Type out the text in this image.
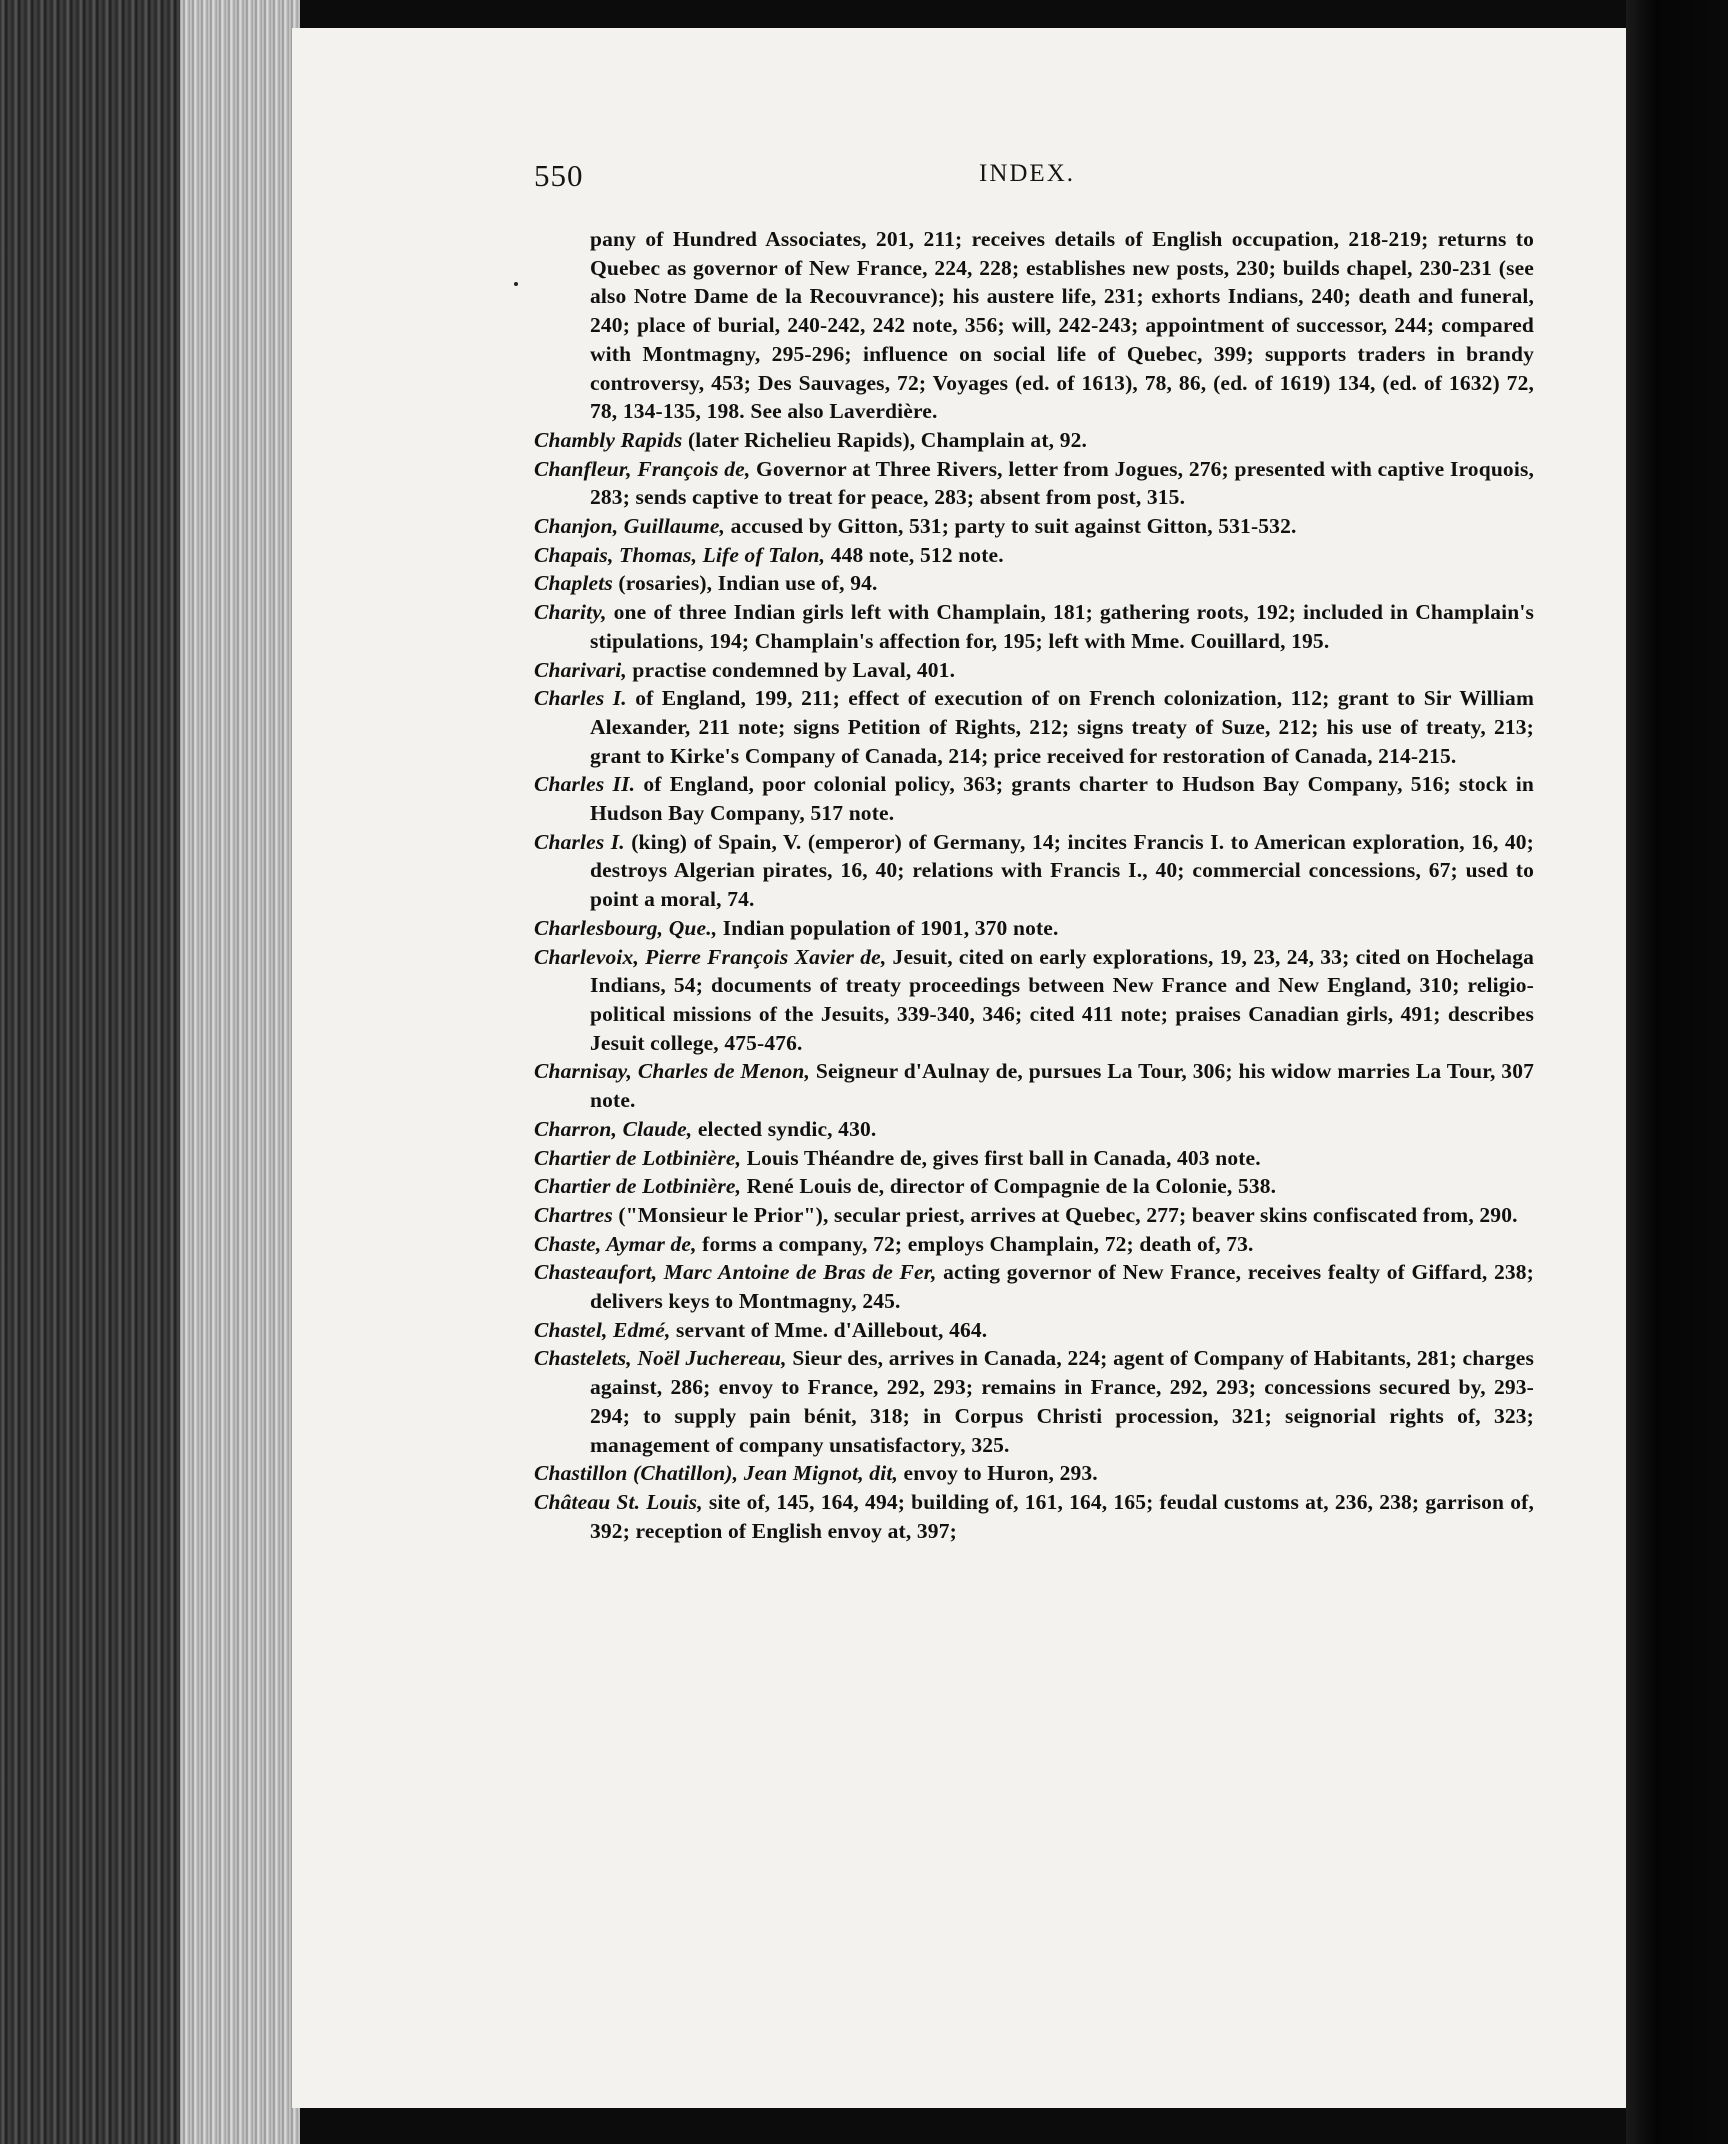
550	INDEX.

pany of Hundred Associates, 201, 211; receives details of English occupation, 218-219; returns to Quebec as governor of New France, 224, 228; establishes new posts, 230; builds chapel, 230-231 (see also Notre Dame de la Recouvrance); his austere life, 231; exhorts Indians, 240; death and funeral, 240; place of burial, 240-242, 242 note, 356; will, 242-243; appointment of successor, 244; compared with Montmagny, 295-296; influence on social life of Quebec, 399; supports traders in brandy controversy, 453; Des Sauvages, 72; Voyages (ed. of 1613), 78, 86, (ed. of 1619) 134, (ed. of 1632) 72, 78, 134-135, 198. See also Laverdière.

Chambly Rapids (later Richelieu Rapids), Champlain at, 92.

Chanfleur, François de, Governor at Three Rivers, letter from Jogues, 276; presented with captive Iroquois, 283; sends captive to treat for peace, 283; absent from post, 315.

Chanjon, Guillaume, accused by Gitton, 531; party to suit against Gitton, 531-532.

Chapais, Thomas, Life of Talon, 448 note, 512 note.

Chaplets (rosaries), Indian use of, 94.

Charity, one of three Indian girls left with Champlain, 181; gathering roots, 192; included in Champlain's stipulations, 194; Champlain's affection for, 195; left with Mme. Couillard, 195.

Charivari, practise condemned by Laval, 401.

Charles I. of England, 199, 211; effect of execution of on French colonization, 112; grant to Sir William Alexander, 211 note; signs Petition of Rights, 212; signs treaty of Suze, 212; his use of treaty, 213; grant to Kirke's Company of Canada, 214; price received for restoration of Canada, 214-215.

Charles II. of England, poor colonial policy, 363; grants charter to Hudson Bay Company, 516; stock in Hudson Bay Company, 517 note.

Charles I. (king) of Spain, V. (emperor) of Germany, 14; incites Francis I. to American exploration, 16, 40; destroys Algerian pirates, 16, 40; relations with Francis I., 40; commercial concessions, 67; used to point a moral, 74.

Charlesbourg, Que., Indian population of 1901, 370 note.

Charlevoix, Pierre François Xavier de, Jesuit, cited on early explorations, 19, 23, 24, 33; cited on Hochelaga Indians, 54; documents of treaty proceedings between New France and New England, 310; religio-political missions of the Jesuits, 339-340, 346; cited 411 note; praises Canadian girls, 491; describes Jesuit college, 475-476.

Charnisay, Charles de Menon, Seigneur d'Aulnay de, pursues La Tour, 306; his widow marries La Tour, 307 note.

Charron, Claude, elected syndic, 430.

Chartier de Lotbinière, Louis Théandre de, gives first ball in Canada, 403 note.

Chartier de Lotbinière, René Louis de, director of Compagnie de la Colonie, 538.

Chartres ("Monsieur le Prior"), secular priest, arrives at Quebec, 277; beaver skins confiscated from, 290.

Chaste, Aymar de, forms a company, 72; employs Champlain, 72; death of, 73.

Chasteaufort, Marc Antoine de Bras de Fer, acting governor of New France, receives fealty of Giffard, 238; delivers keys to Montmagny, 245.

Chastel, Edmé, servant of Mme. d'Aillebout, 464.

Chastelets, Noël Juchereau, Sieur des, arrives in Canada, 224; agent of Company of Habitants, 281; charges against, 286; envoy to France, 292, 293; remains in France, 292, 293; concessions secured by, 293-294; to supply pain bénit, 318; in Corpus Christi procession, 321; seignorial rights of, 323; management of company unsatisfactory, 325.

Chastillon (Chatillon), Jean Mignot, dit, envoy to Huron, 293.

Château St. Louis, site of, 145, 164, 494; building of, 161, 164, 165; feudal customs at, 236, 238; garrison of, 392; reception of English envoy at, 397;
